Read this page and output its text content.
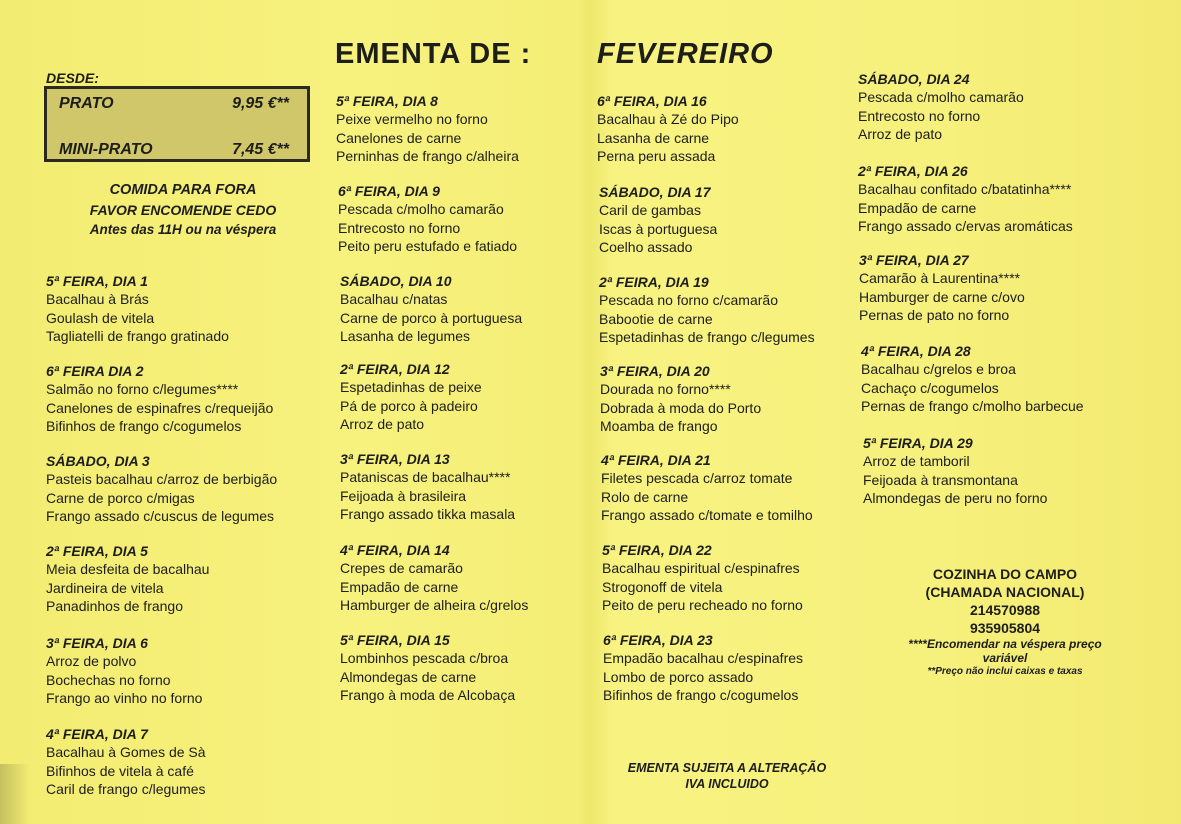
EMENTA DE : FEVEREIRO
DESDE:
PRATO	9,95 €**
MINI-PRATO	7,45 €**
COMIDA PARA FORA
FAVOR ENCOMENDE CEDO
Antes das 11H ou na véspera
5ª FEIRA, DIA 1
Bacalhau à Brás
Goulash de vitela
Tagliatelli de frango gratinado
6ª FEIRA DIA 2
Salmão no forno c/legumes****
Canelones de espinafres c/requeijão
Bifinhos de frango c/cogumelos
SÁBADO, DIA 3
Pasteis bacalhau c/arroz de berbigão
Carne de porco c/migas
Frango assado c/cuscus de legumes
2ª FEIRA, DIA 5
Meia desfeita de bacalhau
Jardineira de vitela
Panadinhos de frango
3ª FEIRA, DIA 6
Arroz de polvo
Bochechas no forno
Frango ao vinho no forno
4ª FEIRA, DIA 7
Bacalhau à Gomes de Sà
Bifinhos de vitela à café
Caril de frango c/legumes
5ª FEIRA, DIA 8
Peixe vermelho no forno
Canelones de carne
Perninhas de frango c/alheira
6ª FEIRA, DIA 9
Pescada c/molho camarão
Entrecosto no forno
Peito peru estufado e fatiado
SÁBADO, DIA 10
Bacalhau c/natas
Carne de porco à portuguesa
Lasanha de legumes
2ª FEIRA, DIA 12
Espetadinhas de peixe
Pá de porco à padeiro
Arroz de pato
3ª FEIRA, DIA 13
Pataniscas de bacalhau****
Feijoada à brasileira
Frango assado tikka masala
4ª FEIRA, DIA 14
Crepes de camarão
Empadão de carne
Hamburger de alheira c/grelos
5ª FEIRA, DIA 15
Lombinhos pescada c/broa
Almondegas de carne
Frango à moda de Alcobaça
6ª FEIRA, DIA 16
Bacalhau à Zé do Pipo
Lasanha de carne
Perna peru assada
SÁBADO, DIA 17
Caril de gambas
Iscas à portuguesa
Coelho assado
2ª FEIRA, DIA 19
Pescada no forno c/camarão
Babootie de carne
Espetadinhas de frango c/legumes
3ª FEIRA, DIA 20
Dourada no forno****
Dobrada à moda do Porto
Moamba de frango
4ª FEIRA, DIA 21
Filetes pescada c/arroz tomate
Rolo de carne
Frango assado c/tomate e tomilho
5ª FEIRA, DIA 22
Bacalhau espiritual c/espinafres
Strogonoff de vitela
Peito de peru recheado no forno
6ª FEIRA, DIA 23
Empadão bacalhau c/espinafres
Lombo de porco assado
Bifinhos de frango c/cogumelos
SÁBADO, DIA 24
Pescada c/molho camarão
Entrecosto no forno
Arroz de pato
2ª FEIRA, DIA 26
Bacalhau confitado c/batatinha****
Empadão de carne
Frango assado c/ervas aromáticas
3ª FEIRA, DIA 27
Camarão à Laurentina****
Hamburger de carne c/ovo
Pernas de pato no forno
4ª FEIRA, DIA 28
Bacalhau c/grelos e broa
Cachaço c/cogumelos
Pernas de frango c/molho barbecue
5ª FEIRA, DIA 29
Arroz de tamboril
Feijoada à transmontana
Almondegas de peru no forno
COZINHA DO CAMPO
(CHAMADA NACIONAL)
214570988
935905804
****Encomendar na véspera preço
variável
**Preço não inclui caixas e taxas
EMENTA SUJEITA A ALTERAÇÃO
IVA INCLUIDO
